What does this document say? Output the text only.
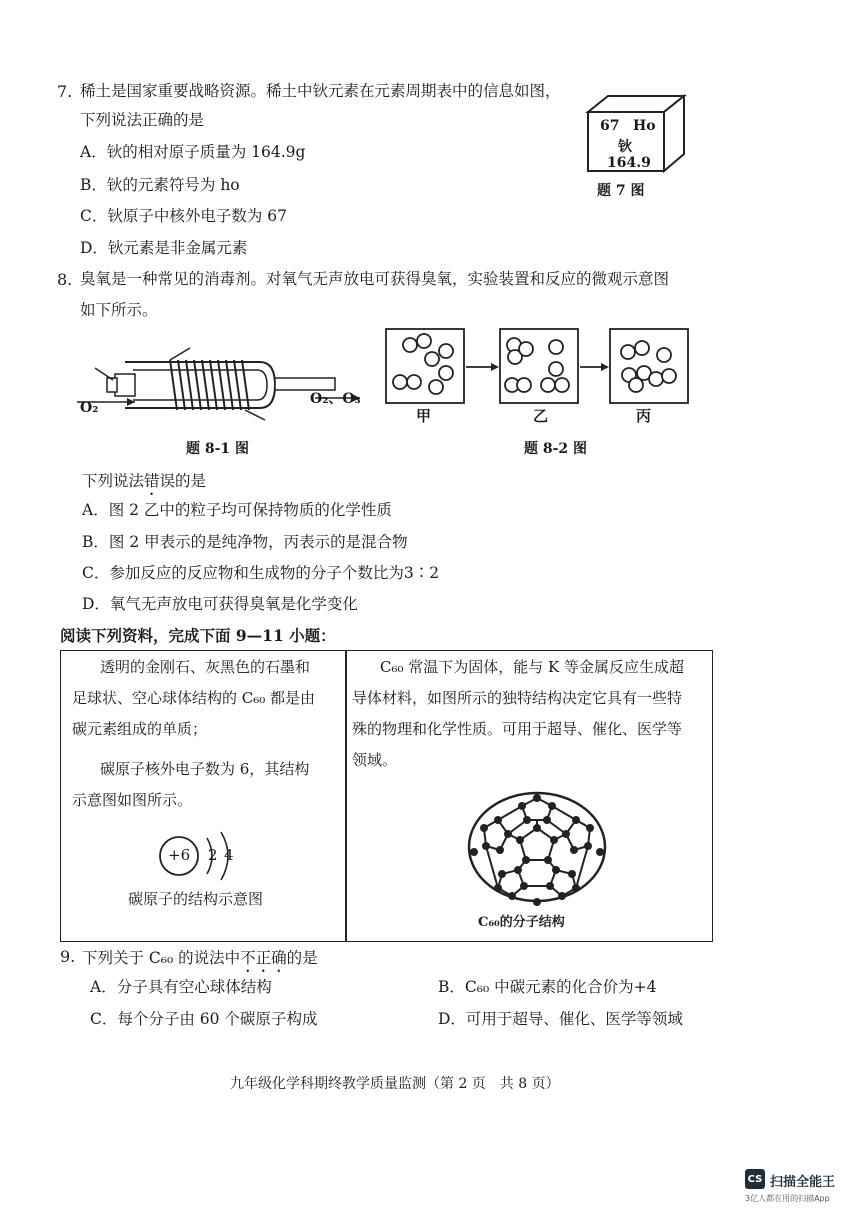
7. 稀土是国家重要战略资源。稀土中钬元素在元素周期表中的信息如图，
下列说法正确的是
A．钬的相对原子质量为 164.9g
B．钬的元素符号为 ho
C．钬原子中核外电子数为 67
D．钬元素是非金属元素
67 Ho
钬
164.9
题 7 图
8. 臭氧是一种常见的消毒剂。对氧气无声放电可获得臭氧，实验装置和反应的微观示意图
如下所示。
O₂
O₂、O₃
题 8-1 图
甲	乙	丙
题 8-2 图
下列说法错误的是
A．图 2 乙中的粒子均可保持物质的化学性质
B．图 2 甲表示的是纯净物，丙表示的是混合物
C．参加反应的反应物和生成物的分子个数比为3∶2
D．氧气无声放电可获得臭氧是化学变化
阅读下列资料，完成下面 9—11 小题：
透明的金刚石、灰黑色的石墨和
足球状、空心球体结构的 C₆₀ 都是由
碳元素组成的单质；
碳原子核外电子数为 6，其结构
示意图如图所示。
+6 2 4
碳原子的结构示意图
C₆₀ 常温下为固体，能与 K 等金属反应生成超
导体材料，如图所示的独特结构决定它具有一些特
殊的物理和化学性质。可用于超导、催化、医学等
领域。
C₆₀的分子结构
9. 下列关于 C₆₀ 的说法中不正确的是
A．分子具有空心球体结构	B．C₆₀ 中碳元素的化合价为+4
C．每个分子由 60 个碳原子构成	D．可用于超导、催化、医学等领域
九年级化学科期终教学质量监测（第 2 页　共 8 页）
CS 扫描全能王
3亿人都在用的扫描App
